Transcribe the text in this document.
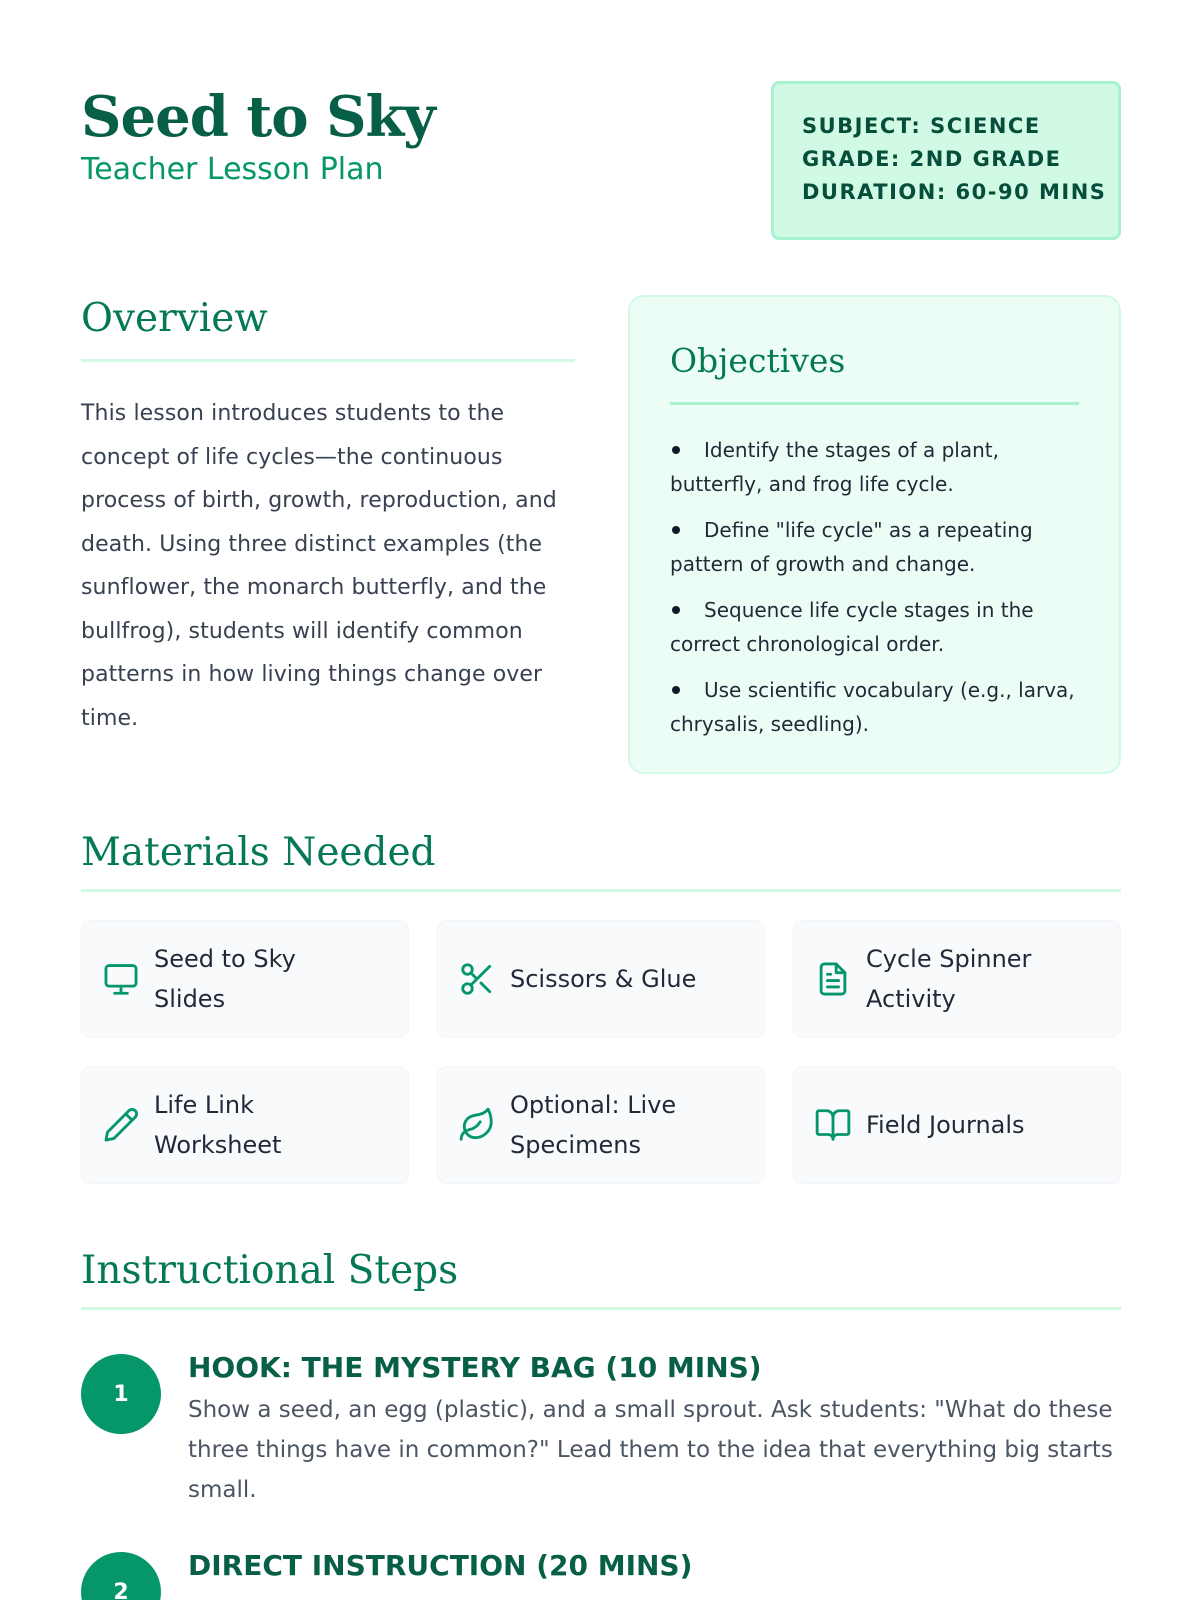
Seed to Sky
Teacher Lesson Plan
SUBJECT: SCIENCE
GRADE: 2ND GRADE
DURATION: 60-90 MINS
Overview

This lesson introduces students to the concept of life cycles—the continuous process of birth, growth, reproduction, and death. Using three distinct examples (the sunflower, the monarch butterfly, and the bullfrog), students will identify common patterns in how living things change over time.

Objectives
Identify the stages of a plant, butterfly, and frog life cycle.
Define "life cycle" as a repeating pattern of growth and change.
Sequence life cycle stages in the correct chronological order.
Use scientific vocabulary (e.g., larva, chrysalis, seedling).
Materials Needed
Seed to Sky Slides
Scissors & Glue
Cycle Spinner Activity
Life Link Worksheet
Optional: Live Specimens
Field Journals
Instructional Steps
1
HOOK: THE MYSTERY BAG (10 MINS)
Show a seed, an egg (plastic), and a small sprout. Ask students: "What do these three things have in common?" Lead them to the idea that everything big starts small.
2
DIRECT INSTRUCTION (20 MINS)
